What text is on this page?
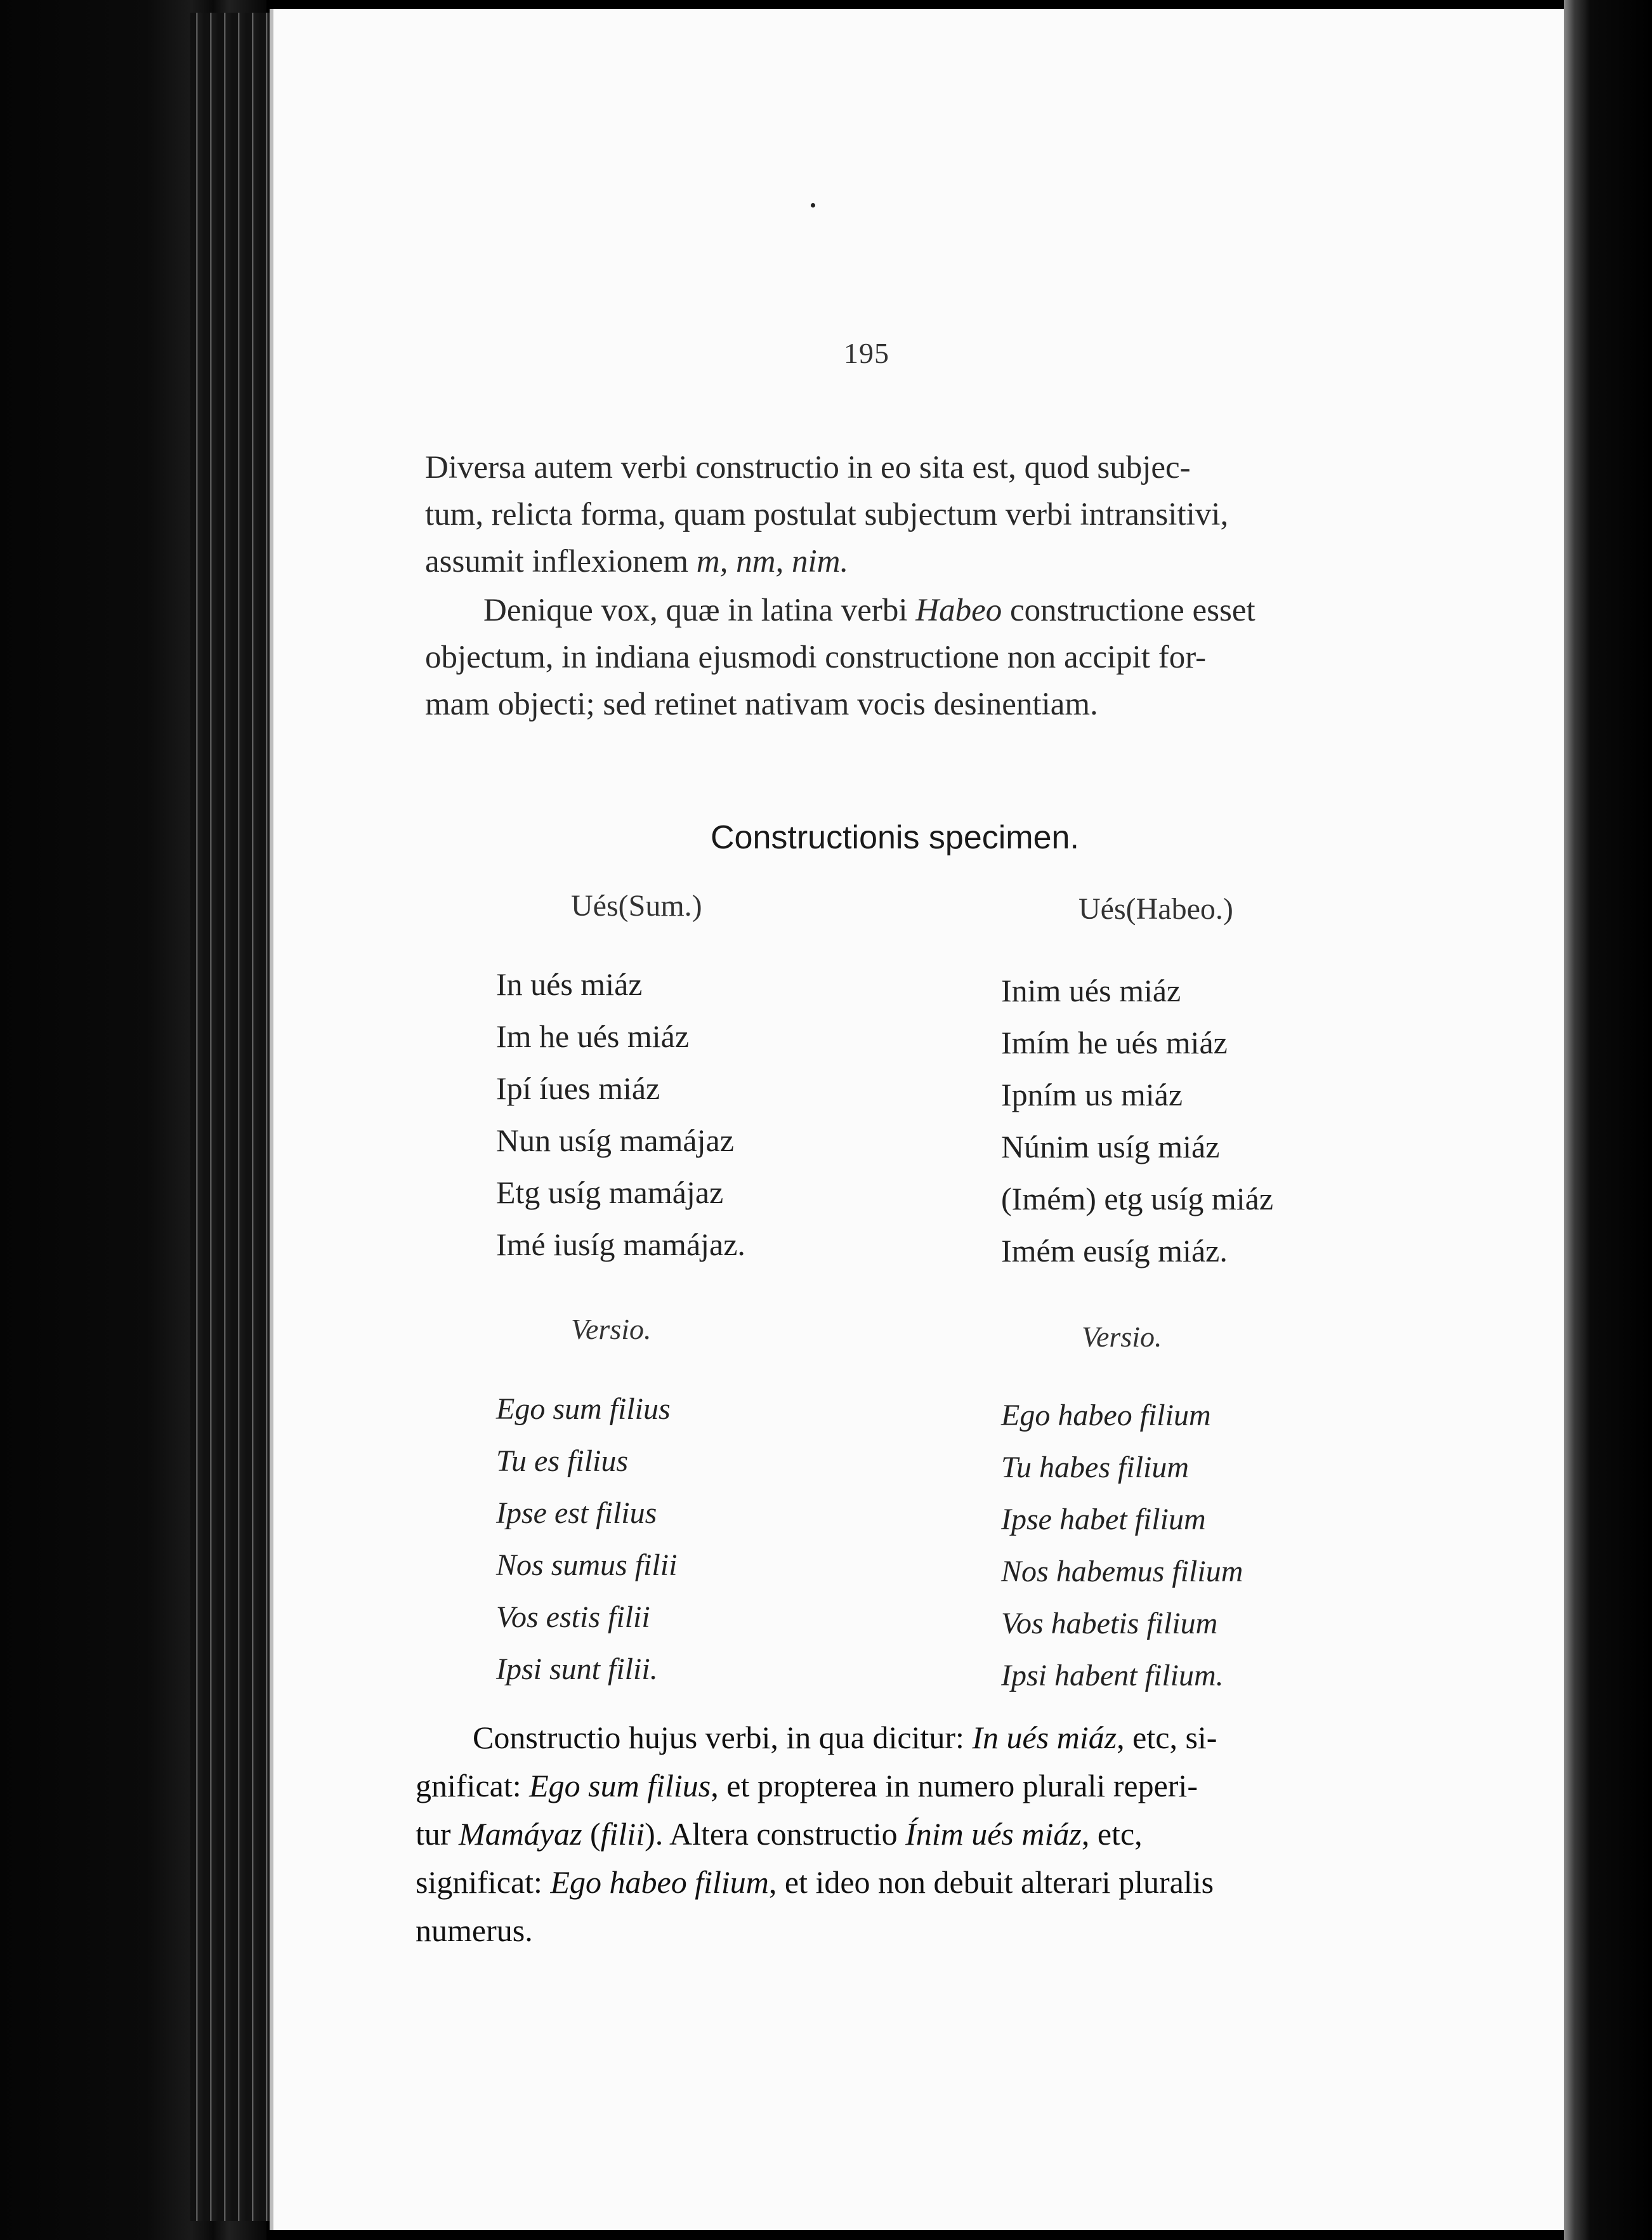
195
Diversa autem verbi constructio in eo sita est, quod subjec-
tum, relicta forma, quam postulat subjectum verbi intransitivi,
assumit inflexionem m, nm, nim.
Denique vox, quæ in latina verbi Habeo constructione esset
objectum, in indiana ejusmodi constructione non accipit for-
mam objecti; sed retinet nativam vocis desinentiam.
Constructionis specimen.
Ués(Sum.)	Ués(Habeo.)
In ués miáz
Im he ués miáz
Ipí íues miáz
Nun usíg mamájaz
Etg usíg mamájaz
Imé iusíg mamájaz.
Inim ués miáz
Imím he ués miáz
Ipním us miáz
Núnim usíg miáz
(Imém) etg usíg miáz
Imém eusíg miáz.
Versio.	Versio.
Ego sum filius
Tu es filius
Ipse est filius
Nos sumus filii
Vos estis filii
Ipsi sunt filii.
Ego habeo filium
Tu habes filium
Ipse habet filium
Nos habemus filium
Vos habetis filium
Ipsi habent filium.
Constructio hujus verbi, in qua dicitur: In ués miáz, etc, si-
gnificat: Ego sum filius, et propterea in numero plurali reperi-
tur Mamáyaz (filii). Altera constructio Ínim ués miáz, etc,
significat: Ego habeo filium, et ideo non debuit alterari pluralis
numerus.
